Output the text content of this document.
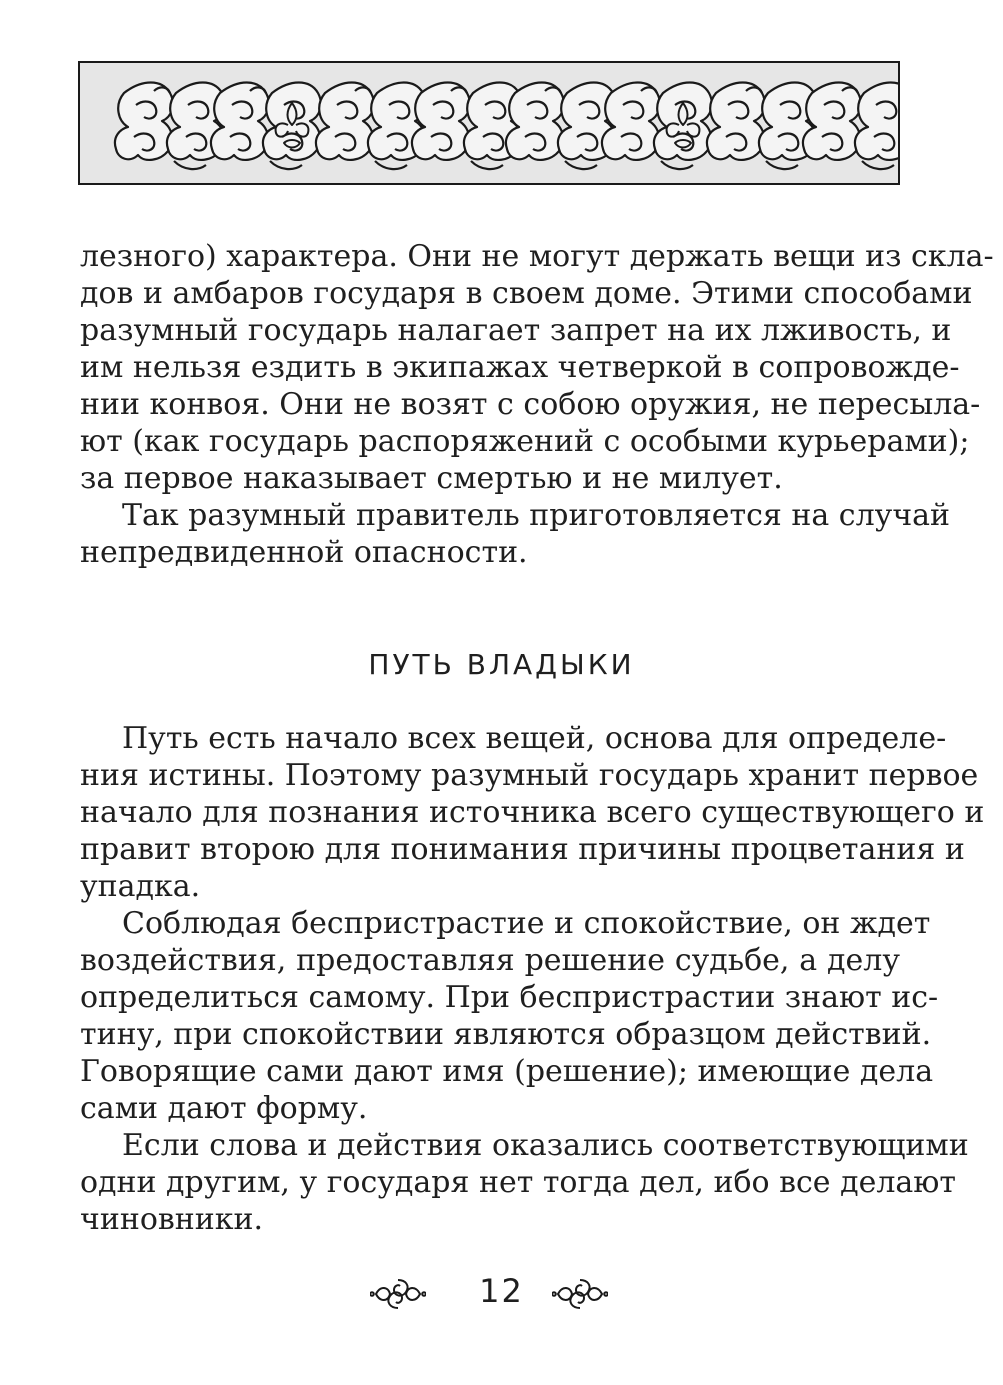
лезного) характера. Они не могут держать вещи из скла-
дов и амбаров государя в своем доме. Этими способами
разумный государь налагает запрет на их лживость, и
им нельзя ездить в экипажах четверкой в сопровожде-
нии конвоя. Они не возят с собою оружия, не пересыла-
ют (как государь распоряжений с особыми курьерами);
за первое наказывает смертью и не милует.
Так разумный правитель приготовляется на случай
непредвиденной опасности.
ПУТЬ ВЛАДЫКИ
Путь есть начало всех вещей, основа для определе-
ния истины. Поэтому разумный государь хранит первое
начало для познания источника всего существующего и
правит второю для понимания причины процветания и
упадка.
Соблюдая беспристрастие и спокойствие, он ждет
воздействия, предоставляя решение судьбе, а делу
определиться самому. При беспристрастии знают ис-
тину, при спокойствии являются образцом действий.
Говорящие сами дают имя (решение); имеющие дела
сами дают форму.
Если слова и действия оказались соответствующими
одни другим, у государя нет тогда дел, ибо все делают
чиновники.
12
